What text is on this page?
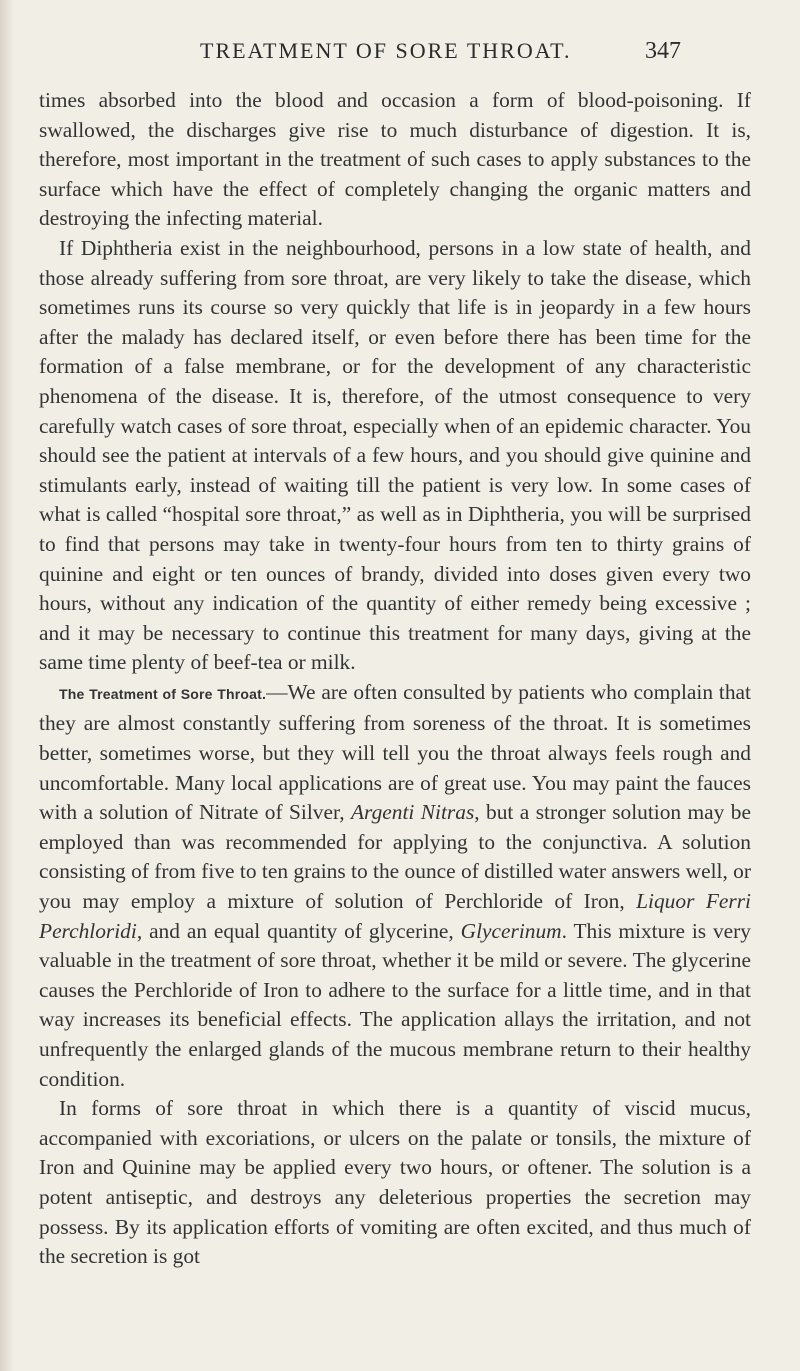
TREATMENT OF SORE THROAT.	347

times absorbed into the blood and occasion a form of blood-poisoning. If swallowed, the discharges give rise to much disturbance of digestion. It is, therefore, most important in the treatment of such cases to apply substances to the surface which have the effect of completely changing the organic matters and destroying the infecting material.

If Diphtheria exist in the neighbourhood, persons in a low state of health, and those already suffering from sore throat, are very likely to take the disease, which sometimes runs its course so very quickly that life is in jeopardy in a few hours after the malady has declared itself, or even before there has been time for the formation of a false membrane, or for the development of any characteristic phenomena of the disease. It is, therefore, of the utmost consequence to very carefully watch cases of sore throat, especially when of an epidemic character. You should see the patient at intervals of a few hours, and you should give quinine and stimulants early, instead of waiting till the patient is very low. In some cases of what is called “hospital sore throat,” as well as in Diphtheria, you will be surprised to find that persons may take in twenty-four hours from ten to thirty grains of quinine and eight or ten ounces of brandy, divided into doses given every two hours, without any indication of the quantity of either remedy being excessive ; and it may be necessary to continue this treatment for many days, giving at the same time plenty of beef-tea or milk.

The Treatment of Sore Throat.—We are often consulted by patients who complain that they are almost constantly suffering from soreness of the throat. It is sometimes better, sometimes worse, but they will tell you the throat always feels rough and uncomfortable. Many local applications are of great use. You may paint the fauces with a solution of Nitrate of Silver, Argenti Nitras, but a stronger solution may be employed than was recommended for applying to the conjunctiva. A solution consisting of from five to ten grains to the ounce of distilled water answers well, or you may employ a mixture of solution of Perchloride of Iron, Liquor Ferri Perchloridi, and an equal quantity of glycerine, Glycerinum. This mixture is very valuable in the treatment of sore throat, whether it be mild or severe. The glycerine causes the Perchloride of Iron to adhere to the surface for a little time, and in that way increases its beneficial effects. The application allays the irritation, and not unfrequently the enlarged glands of the mucous membrane return to their healthy condition.

In forms of sore throat in which there is a quantity of viscid mucus, accompanied with excoriations, or ulcers on the palate or tonsils, the mixture of Iron and Quinine may be applied every two hours, or oftener. The solution is a potent antiseptic, and destroys any deleterious properties the secretion may possess. By its application efforts of vomiting are often excited, and thus much of the secretion is got
